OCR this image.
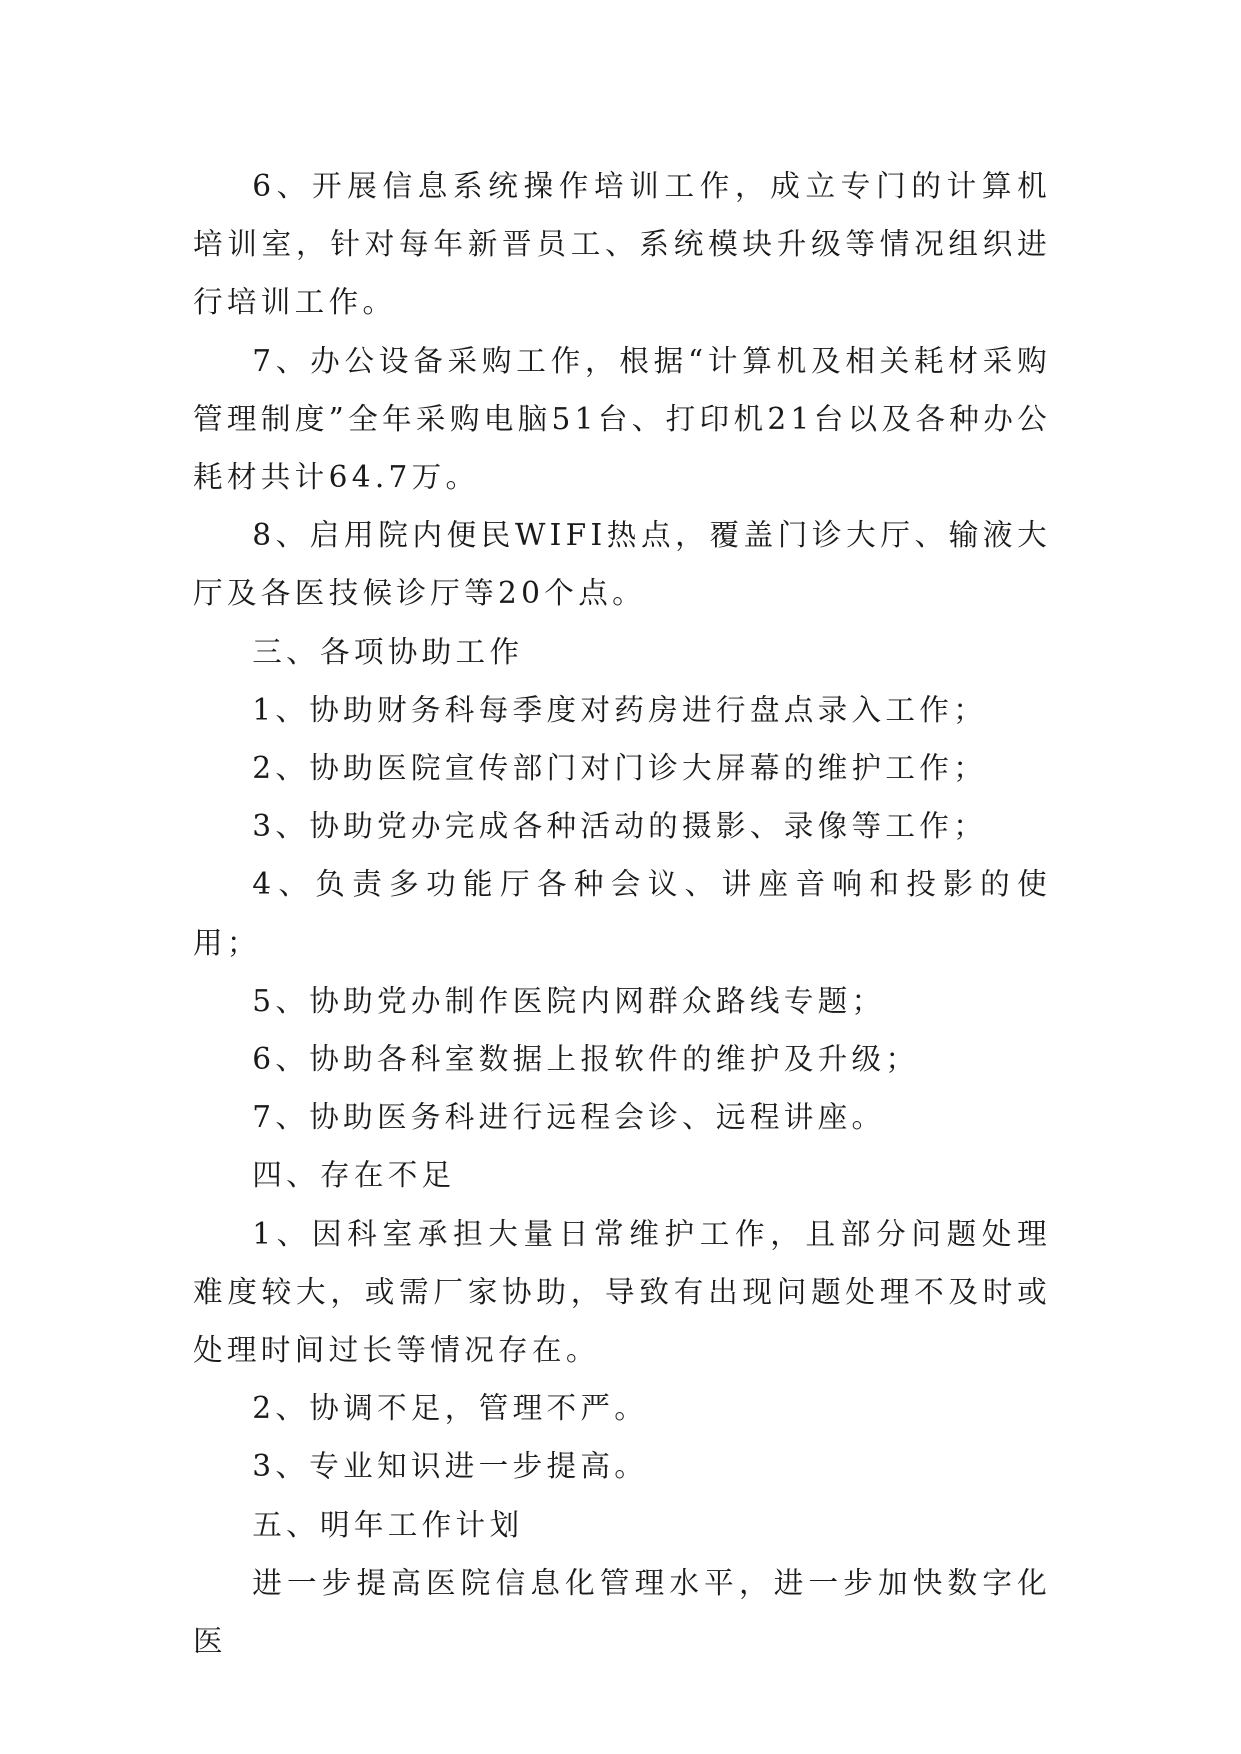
6、开展信息系统操作培训工作，成立专门的计算机培训室，针对每年新晋员工、系统模块升级等情况组织进行培训工作。

7、办公设备采购工作，根据“计算机及相关耗材采购管理制度”全年采购电脑51台、打印机21台以及各种办公耗材共计64.7万。

8、启用院内便民WIFI热点，覆盖门诊大厅、输液大厅及各医技候诊厅等20个点。

三、各项协助工作

1、协助财务科每季度对药房进行盘点录入工作；

2、协助医院宣传部门对门诊大屏幕的维护工作；

3、协助党办完成各种活动的摄影、录像等工作；

4、负责多功能厅各种会议、讲座音响和投影的使用；

5、协助党办制作医院内网群众路线专题；

6、协助各科室数据上报软件的维护及升级；

7、协助医务科进行远程会诊、远程讲座。

四、存在不足

1、因科室承担大量日常维护工作，且部分问题处理难度较大，或需厂家协助，导致有出现问题处理不及时或处理时间过长等情况存在。

2、协调不足，管理不严。

3、专业知识进一步提高。

五、明年工作计划

进一步提高医院信息化管理水平，进一步加快数字化医
